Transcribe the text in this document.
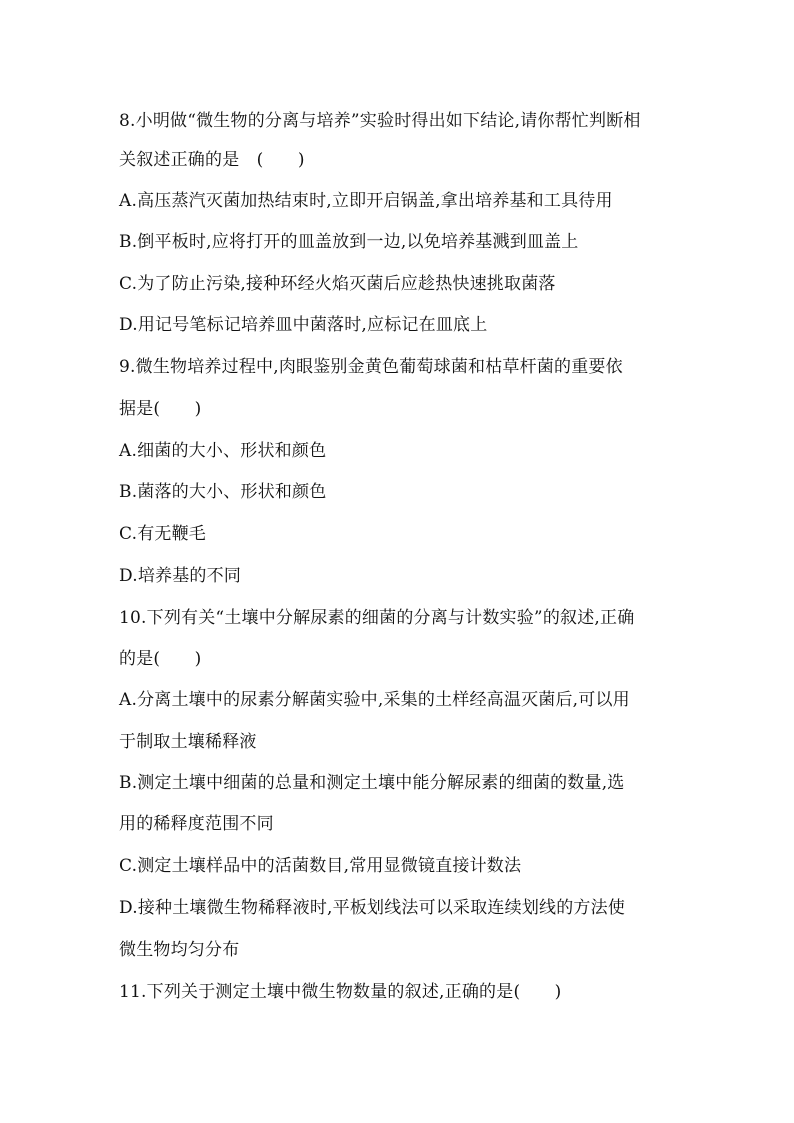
8.小明做“微生物的分离与培养”实验时得出如下结论,请你帮忙判断相
关叙述正确的是　(　　)
A.高压蒸汽灭菌加热结束时,立即开启锅盖,拿出培养基和工具待用
B.倒平板时,应将打开的皿盖放到一边,以免培养基溅到皿盖上
C.为了防止污染,接种环经火焰灭菌后应趁热快速挑取菌落
D.用记号笔标记培养皿中菌落时,应标记在皿底上
9.微生物培养过程中,肉眼鉴别金黄色葡萄球菌和枯草杆菌的重要依
据是(　　)
A.细菌的大小、形状和颜色
B.菌落的大小、形状和颜色
C.有无鞭毛
D.培养基的不同
10.下列有关“土壤中分解尿素的细菌的分离与计数实验”的叙述,正确
的是(　　)
A.分离土壤中的尿素分解菌实验中,采集的土样经高温灭菌后,可以用
于制取土壤稀释液
B.测定土壤中细菌的总量和测定土壤中能分解尿素的细菌的数量,选
用的稀释度范围不同
C.测定土壤样品中的活菌数目,常用显微镜直接计数法
D.接种土壤微生物稀释液时,平板划线法可以采取连续划线的方法使
微生物均匀分布
11.下列关于测定土壤中微生物数量的叙述,正确的是(　　)
